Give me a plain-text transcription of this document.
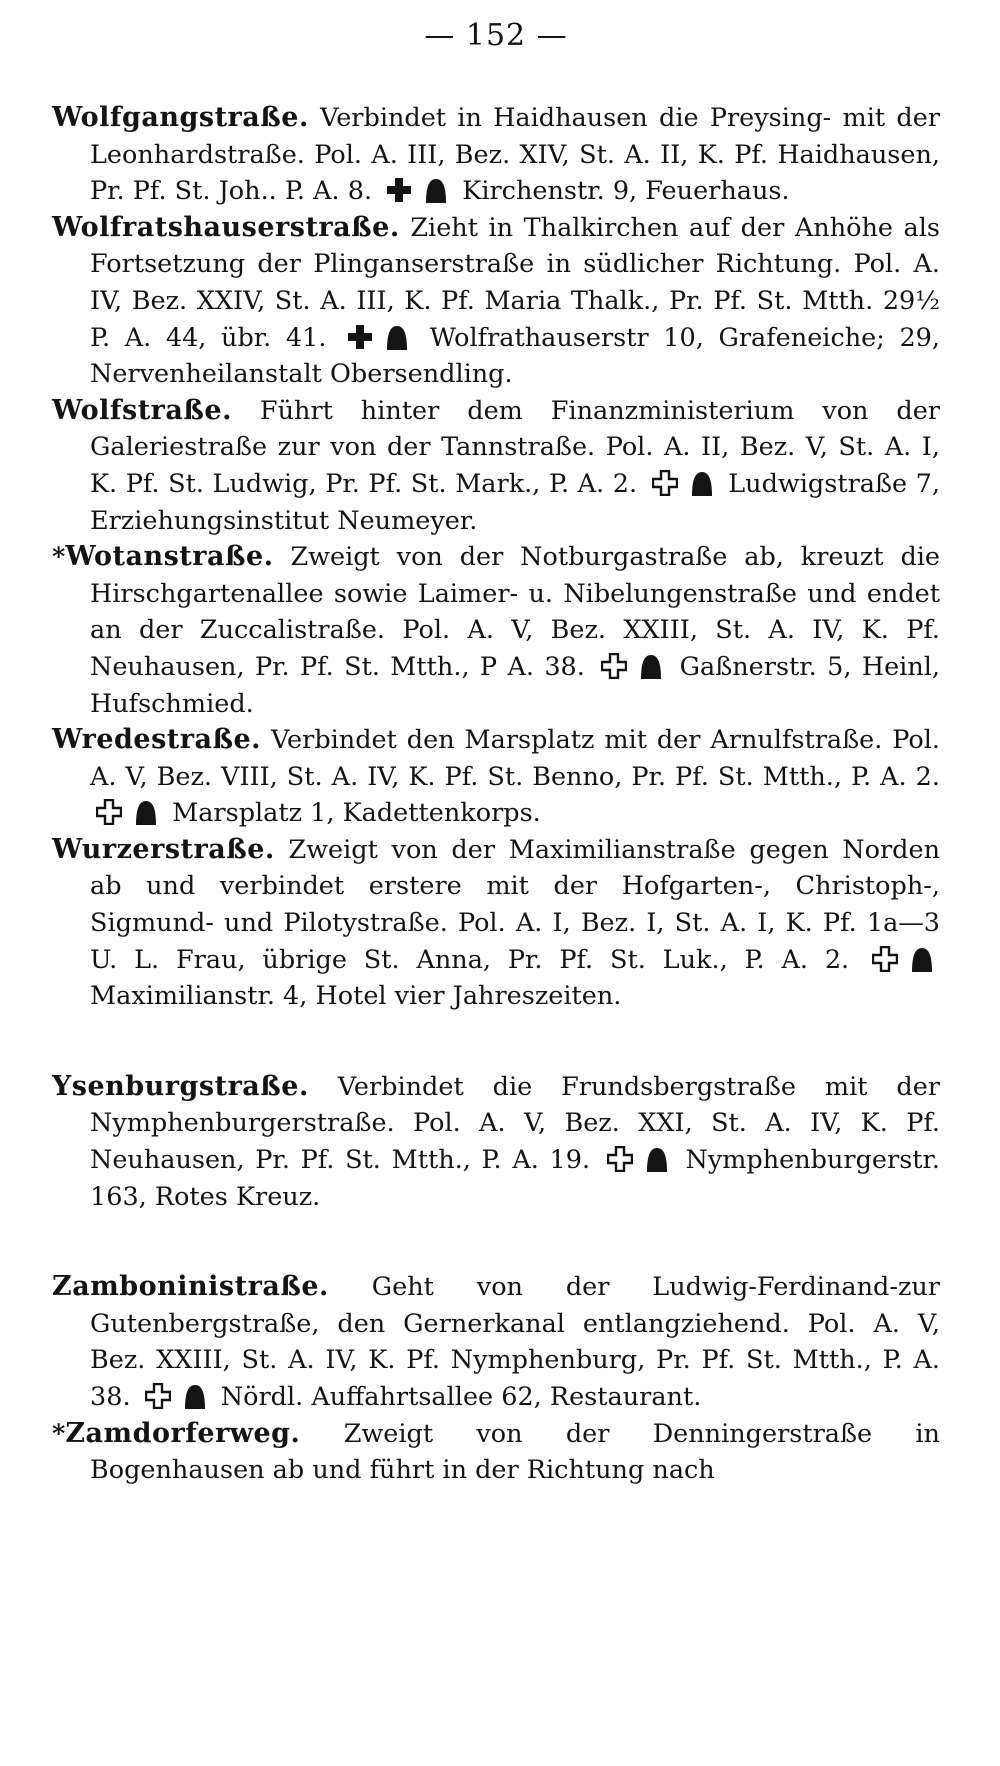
— 152 —

Wolfgangstraße. Verbindet in Haidhausen die Preysing- mit der Leonhardstraße. Pol. A. III, Bez. XIV, St. A. II, K. Pf. Haidhausen, Pr. Pf. St. Joh.. P. A. 8.	Kirchenstr. 9, Feuerhaus.

Wolfratshauserstraße. Zieht in Thalkirchen auf der Anhöhe als Fortsetzung der Plinganserstraße in südlicher Richtung. Pol. A. IV, Bez. XXIV, St. A. III, K. Pf. Maria Thalk., Pr. Pf. St. Mtth. 29½ P. A. 44, übr. 41.	Wolfrathauserstr 10, Grafeneiche; 29, Nervenheilanstalt Obersendling.

Wolfstraße. Führt hinter dem Finanzministerium von der Galeriestraße zur von der Tannstraße. Pol. A. II, Bez. V, St. A. I, K. Pf. St. Ludwig, Pr. Pf. St. Mark., P. A. 2.	Ludwigstraße 7, Erziehungsinstitut Neumeyer.

*Wotanstraße. Zweigt von der Notburgastraße ab, kreuzt die Hirschgartenallee sowie Laimer- u. Nibelungenstraße und endet an der Zuccalistraße. Pol. A. V, Bez. XXIII, St. A. IV, K. Pf. Neuhausen, Pr. Pf. St. Mtth., P A. 38.	Gaßnerstr. 5, Heinl, Hufschmied.

Wredestraße. Verbindet den Marsplatz mit der Arnulfstraße. Pol. A. V, Bez. VIII, St. A. IV, K. Pf. St. Benno, Pr. Pf. St. Mtth., P. A. 2.
Marsplatz 1, Kadettenkorps.

Wurzerstraße. Zweigt von der Maximilianstraße gegen Norden ab und verbindet erstere mit der Hofgarten-, Christoph-, Sigmund- und Pilotystraße. Pol. A. I, Bez. I, St. A. I, K. Pf. 1a—3 U. L. Frau, übrige St. Anna, Pr. Pf. St. Luk., P. A. 2.
Maximilianstr. 4, Hotel vier Jahreszeiten.

Ysenburgstraße. Verbindet die Frundsbergstraße mit der Nymphenburgerstraße. Pol. A. V, Bez. XXI, St. A. IV, K. Pf. Neuhausen, Pr. Pf. St. Mtth., P. A. 19.	Nymphenburgerstr. 163, Rotes Kreuz.

Zamboninistraße. Geht von der Ludwig-Ferdinand-zur Gutenbergstraße, den Gernerkanal entlangziehend. Pol. A. V, Bez. XXIII, St. A. IV, K. Pf. Nymphenburg, Pr. Pf. St. Mtth., P. A. 38.	Nördl. Auffahrtsallee 62, Restaurant.

*Zamdorferweg. Zweigt von der Denningerstraße in Bogenhausen ab und führt in der Richtung nach
